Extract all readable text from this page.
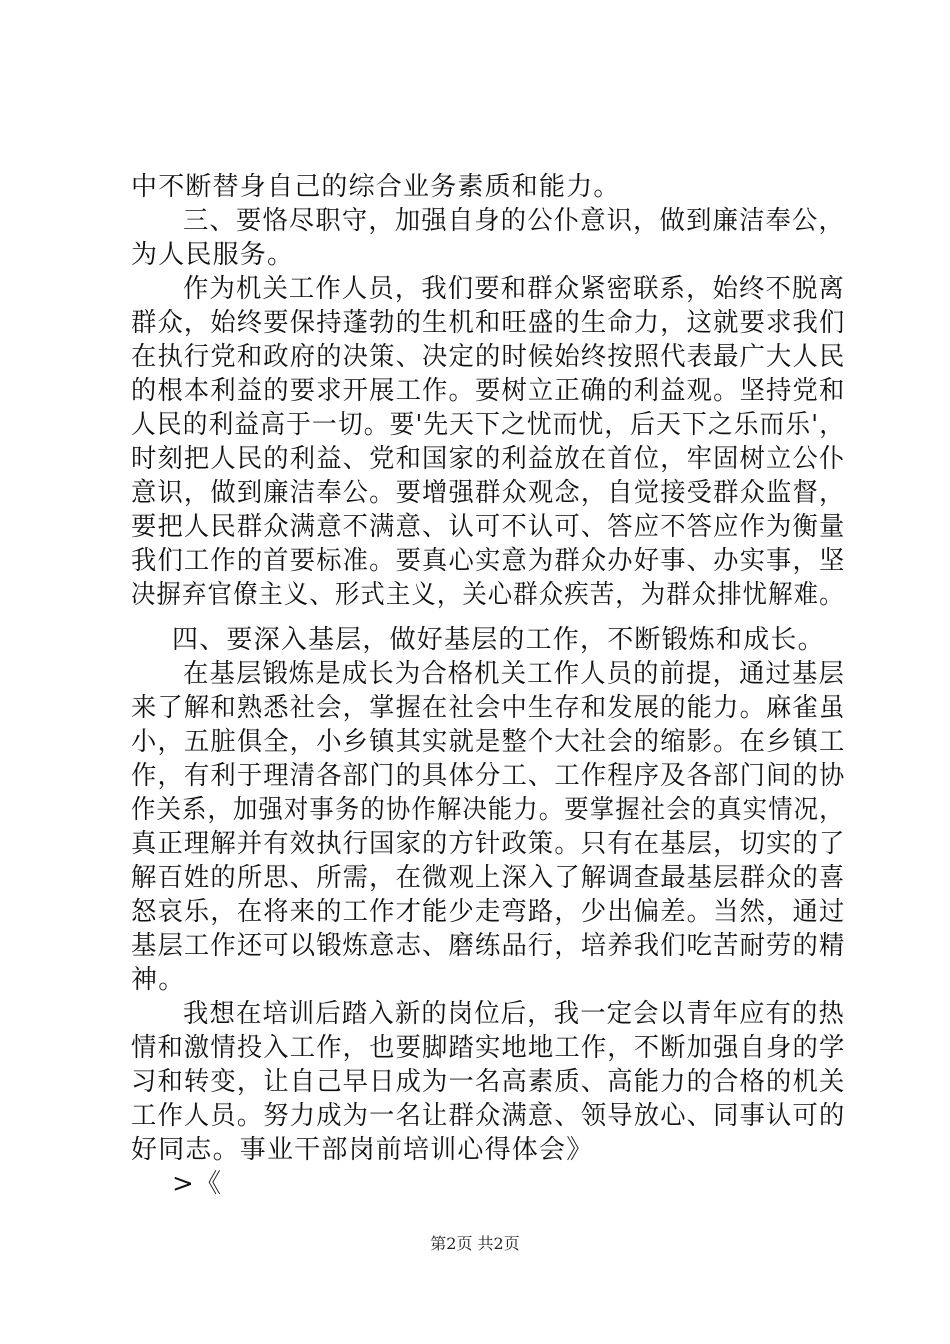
中不断替身自己的综合业务素质和能力。
三、要恪尽职守，加强自身的公仆意识，做到廉洁奉公，
为人民服务。
作为机关工作人员，我们要和群众紧密联系，始终不脱离
群众，始终要保持蓬勃的生机和旺盛的生命力，这就要求我们
在执行党和政府的决策、决定的时候始终按照代表最广大人民
的根本利益的要求开展工作。要树立正确的利益观。坚持党和
人民的利益高于一切。要'先天下之忧而忧，后天下之乐而乐'，
时刻把人民的利益、党和国家的利益放在首位，牢固树立公仆
意识，做到廉洁奉公。要增强群众观念，自觉接受群众监督，
要把人民群众满意不满意、认可不认可、答应不答应作为衡量
我们工作的首要标准。要真心实意为群众办好事、办实事，坚
决摒弃官僚主义、形式主义，关心群众疾苦，为群众排忧解难。
四、要深入基层，做好基层的工作，不断锻炼和成长。
在基层锻炼是成长为合格机关工作人员的前提，通过基层
来了解和熟悉社会，掌握在社会中生存和发展的能力。麻雀虽
小，五脏俱全，小乡镇其实就是整个大社会的缩影。在乡镇工
作，有利于理清各部门的具体分工、工作程序及各部门间的协
作关系，加强对事务的协作解决能力。要掌握社会的真实情况，
真正理解并有效执行国家的方针政策。只有在基层，切实的了
解百姓的所思、所需，在微观上深入了解调查最基层群众的喜
怒哀乐，在将来的工作才能少走弯路，少出偏差。当然，通过
基层工作还可以锻炼意志、磨练品行，培养我们吃苦耐劳的精
神。
我想在培训后踏入新的岗位后，我一定会以青年应有的热
情和激情投入工作，也要脚踏实地地工作，不断加强自身的学
习和转变，让自己早日成为一名高素质、高能力的合格的机关
工作人员。努力成为一名让群众满意、领导放心、同事认可的
好同志。事业干部岗前培训心得体会》
>《
第2页 共2页
